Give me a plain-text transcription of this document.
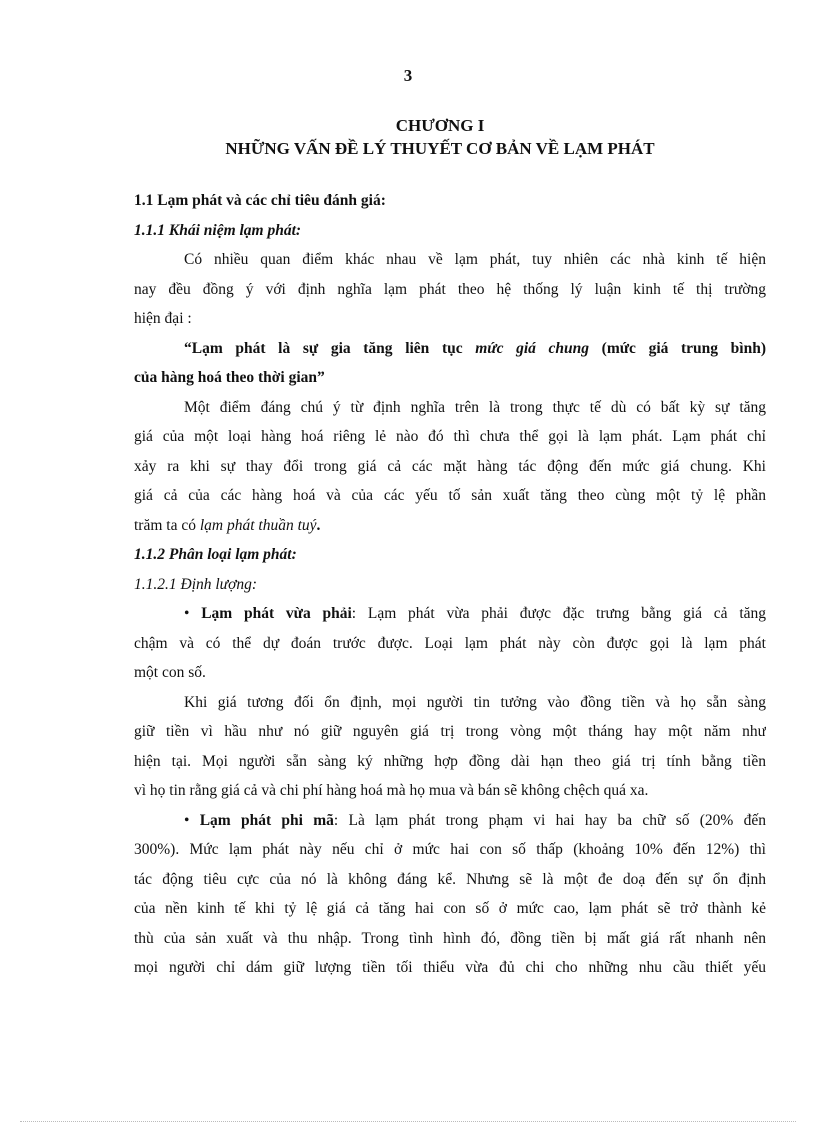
3
CHƯƠNG I
NHỮNG VẤN ĐỀ LÝ THUYẾT CƠ BẢN VỀ LẠM PHÁT
1.1 Lạm phát và các chỉ tiêu đánh giá:
1.1.1 Khái niệm lạm phát:
Có nhiều quan điểm khác nhau về lạm phát, tuy nhiên các nhà kinh tế hiện
nay đều đồng ý với định nghĩa lạm phát theo hệ thống lý luận kinh tế thị trường
hiện đại :
“Lạm phát là sự gia tăng liên tục mức giá chung (mức giá trung bình)
của hàng hoá theo thời gian”
Một điểm đáng chú ý từ định nghĩa trên là trong thực tế dù có bất kỳ sự tăng
giá của một loại hàng hoá riêng lẻ nào đó thì chưa thể gọi là lạm phát. Lạm phát chỉ
xảy ra khi sự thay đổi trong giá cả các mặt hàng tác động đến mức giá chung. Khi
giá cả của các hàng hoá và của các yếu tố sản xuất tăng theo cùng một tỷ lệ phần
trăm ta có lạm phát thuần tuý.
1.1.2 Phân loại lạm phát:
1.1.2.1 Định lượng:
• Lạm phát vừa phải: Lạm phát vừa phải được đặc trưng bằng giá cả tăng
chậm và có thể dự đoán trước được. Loại lạm phát này còn được gọi là lạm phát
một con số.
Khi giá tương đối ổn định, mọi người tin tưởng vào đồng tiền và họ sẵn sàng
giữ tiền vì hầu như nó giữ nguyên giá trị trong vòng một tháng hay một năm như
hiện tại. Mọi người sẵn sàng ký những hợp đồng dài hạn theo giá trị tính bằng tiền
vì họ tin rằng giá cả và chi phí hàng hoá mà họ mua và bán sẽ không chệch quá xa.
• Lạm phát phi mã: Là lạm phát trong phạm vi hai hay ba chữ số (20% đến
300%). Mức lạm phát này nếu chỉ ở mức hai con số thấp (khoảng 10% đến 12%) thì
tác động tiêu cực của nó là không đáng kể. Nhưng sẽ là một đe doạ đến sự ổn định
của nền kinh tế khi tỷ lệ giá cả tăng hai con số ở mức cao, lạm phát sẽ trở thành kẻ
thù của sản xuất và thu nhập. Trong tình hình đó, đồng tiền bị mất giá rất nhanh nên
mọi người chỉ dám giữ lượng tiền tối thiểu vừa đủ chi cho những nhu cầu thiết yếu
